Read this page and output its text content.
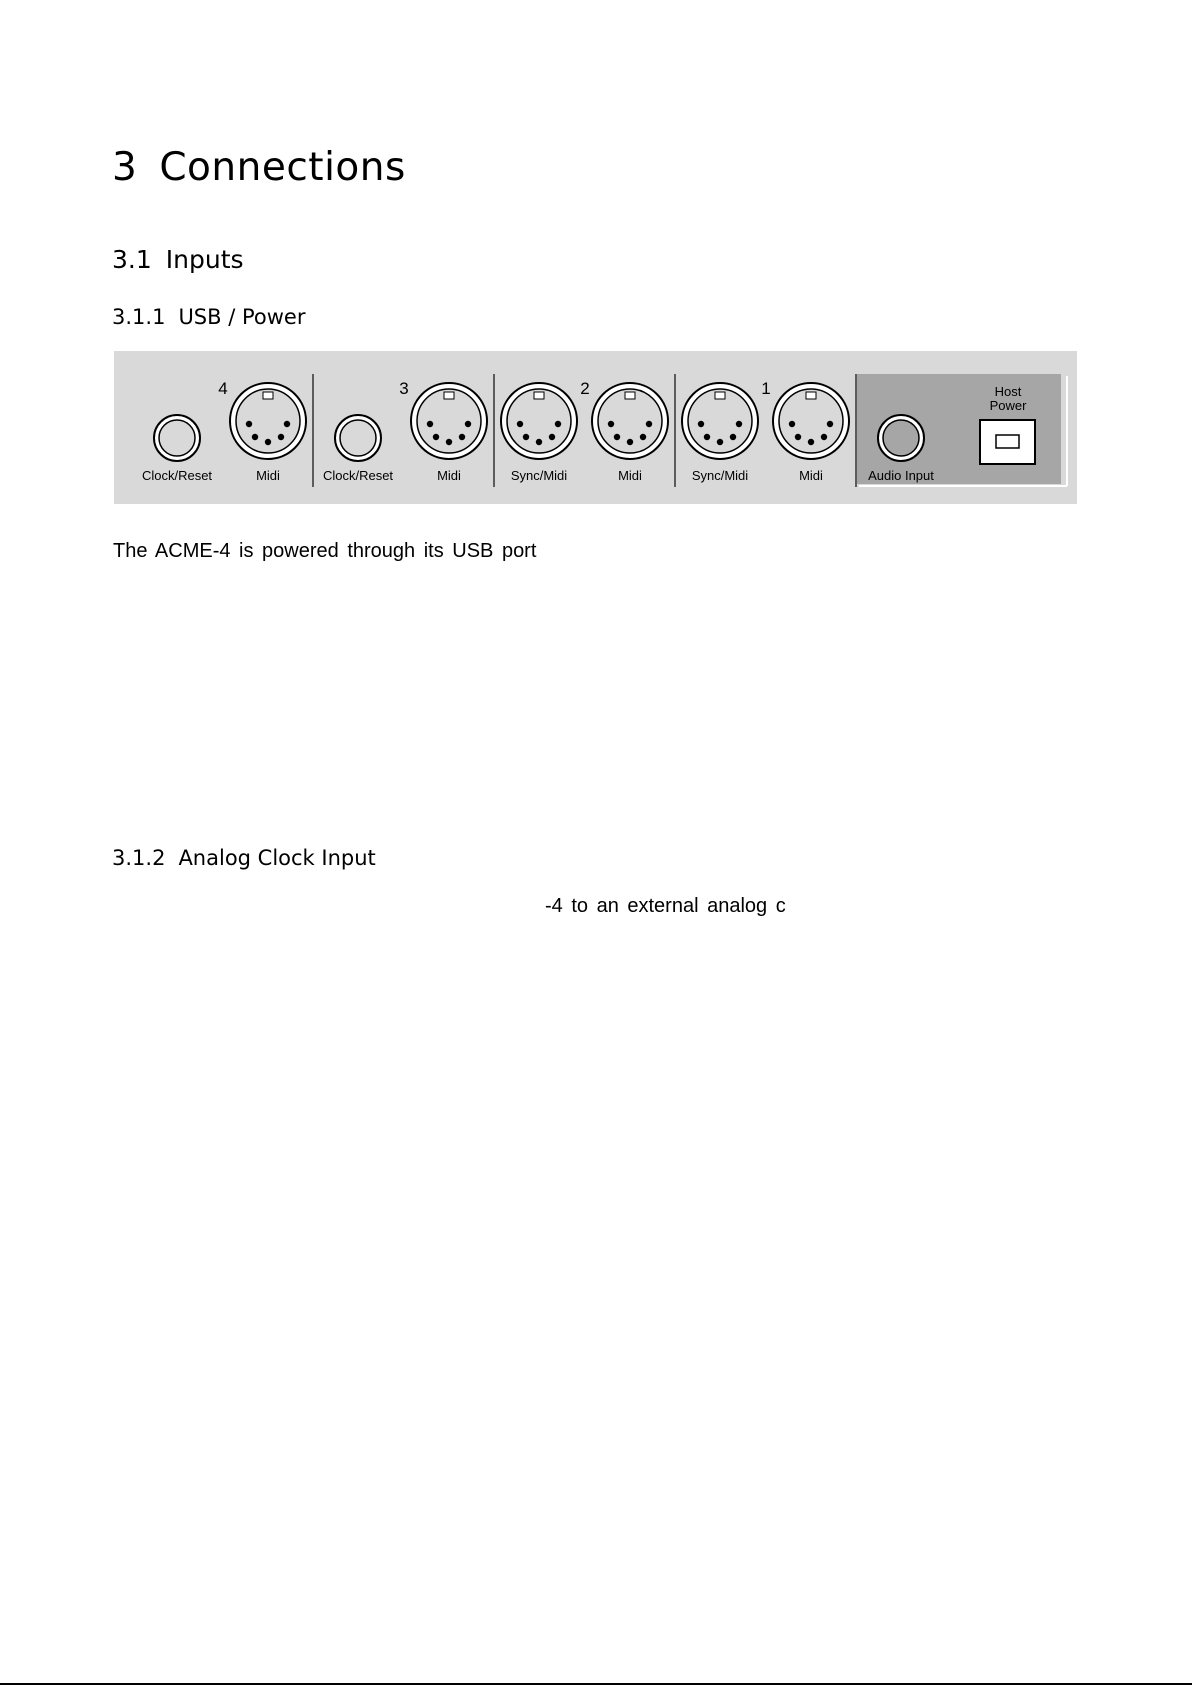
3 Connections
3.1 Inputs
3.1.1 USB / Power
4	3	2	1	Host
Power
Clock/Reset	Midi	Clock/Reset	Midi	Sync/Midi	Midi	Sync/Midi	Midi	Audio Input

The ACME-4 is powered through its USB port

3.1.2 Analog Clock Input

-4 to an external analog c
